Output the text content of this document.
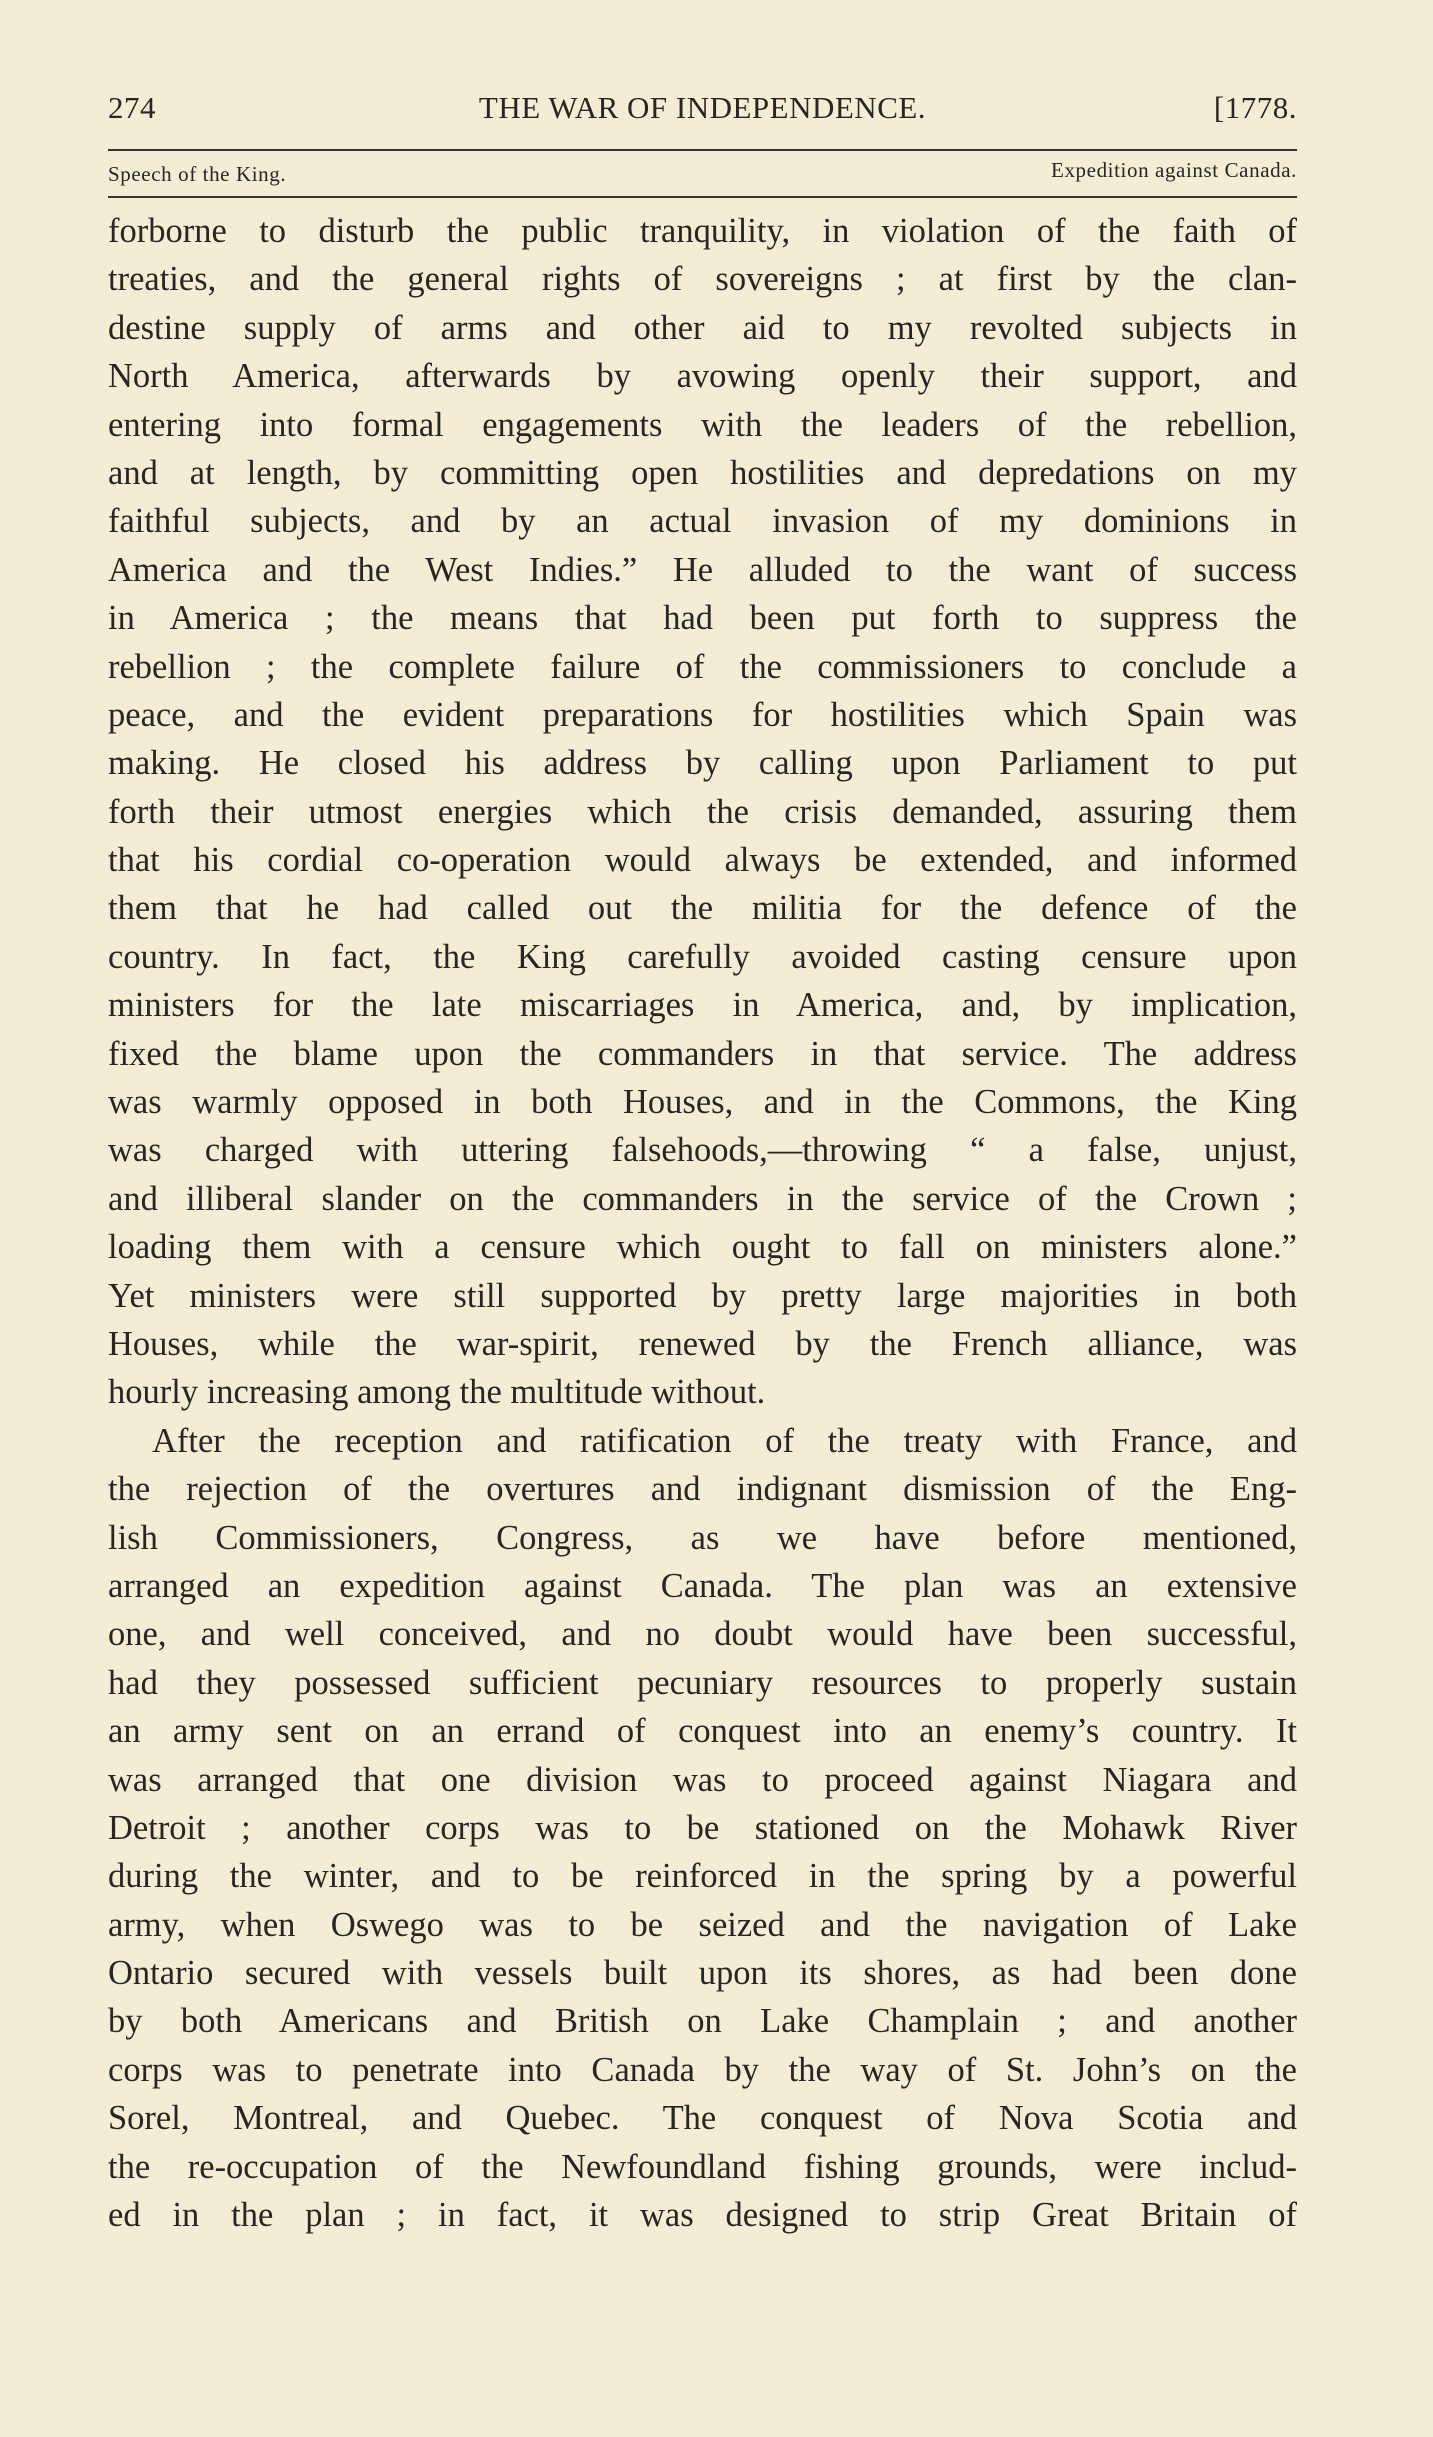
274	THE WAR OF INDEPENDENCE.	[1778.
Speech of the King.	Expedition against Canada.
forborne to disturb the public tranquility, in violation of the faith of
treaties, and the general rights of sovereigns ; at first by the clan-
destine supply of arms and other aid to my revolted subjects in
North America, afterwards by avowing openly their support, and
entering into formal engagements with the leaders of the rebellion,
and at length, by committing open hostilities and depredations on my
faithful subjects, and by an actual invasion of my dominions in
America and the West Indies.” He alluded to the want of success
in America ; the means that had been put forth to suppress the
rebellion ; the complete failure of the commissioners to conclude a
peace, and the evident preparations for hostilities which Spain was
making. He closed his address by calling upon Parliament to put
forth their utmost energies which the crisis demanded, assuring them
that his cordial co-operation would always be extended, and informed
them that he had called out the militia for the defence of the
country. In fact, the King carefully avoided casting censure upon
ministers for the late miscarriages in America, and, by implication,
fixed the blame upon the commanders in that service. The address
was warmly opposed in both Houses, and in the Commons, the King
was charged with uttering falsehoods,—throwing “ a false, unjust,
and illiberal slander on the commanders in the service of the Crown ;
loading them with a censure which ought to fall on ministers alone.”
Yet ministers were still supported by pretty large majorities in both
Houses, while the war-spirit, renewed by the French alliance, was
hourly increasing among the multitude without.
After the reception and ratification of the treaty with France, and
the rejection of the overtures and indignant dismission of the Eng-
lish Commissioners, Congress, as we have before mentioned,
arranged an expedition against Canada. The plan was an extensive
one, and well conceived, and no doubt would have been successful,
had they possessed sufficient pecuniary resources to properly sustain
an army sent on an errand of conquest into an enemy’s country. It
was arranged that one division was to proceed against Niagara and
Detroit ; another corps was to be stationed on the Mohawk River
during the winter, and to be reinforced in the spring by a powerful
army, when Oswego was to be seized and the navigation of Lake
Ontario secured with vessels built upon its shores, as had been done
by both Americans and British on Lake Champlain ; and another
corps was to penetrate into Canada by the way of St. John’s on the
Sorel, Montreal, and Quebec. The conquest of Nova Scotia and
the re-occupation of the Newfoundland fishing grounds, were includ-
ed in the plan ; in fact, it was designed to strip Great Britain of
